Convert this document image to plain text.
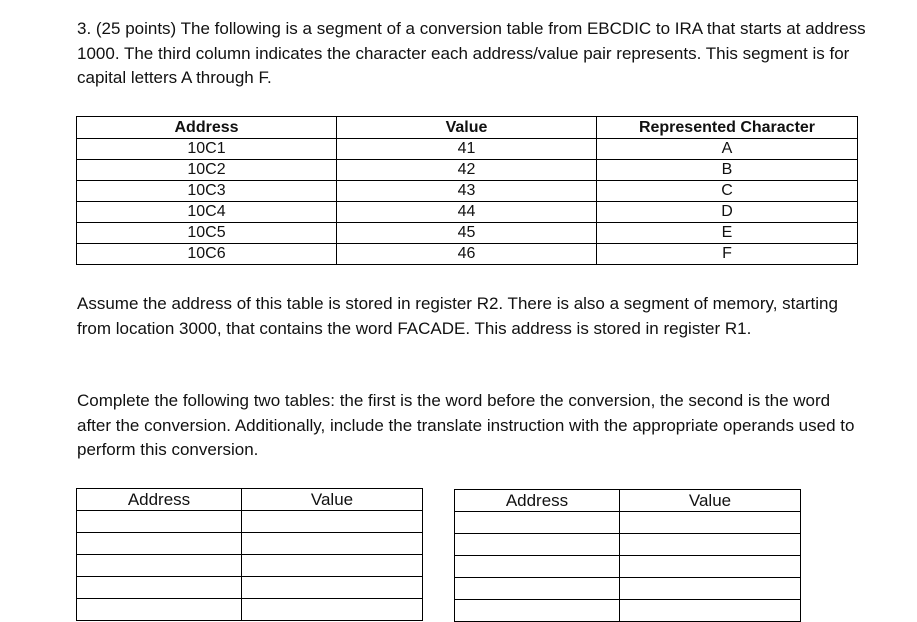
3. (25 points) The following is a segment of a conversion table from EBCDIC to IRA that starts at address 1000. The third column indicates the character each address/value pair represents. This segment is for capital letters A through F.

Address	Value	Represented Character
10C1	41	A
10C2	42	B
10C3	43	C
10C4	44	D
10C5	45	E
10C6	46	F

Assume the address of this table is stored in register R2. There is also a segment of memory, starting from location 3000, that contains the word FACADE. This address is stored in register R1.

Complete the following two tables: the first is the word before the conversion, the second is the word after the conversion. Additionally, include the translate instruction with the appropriate operands used to perform this conversion.

Address	Value

		Address	Value
